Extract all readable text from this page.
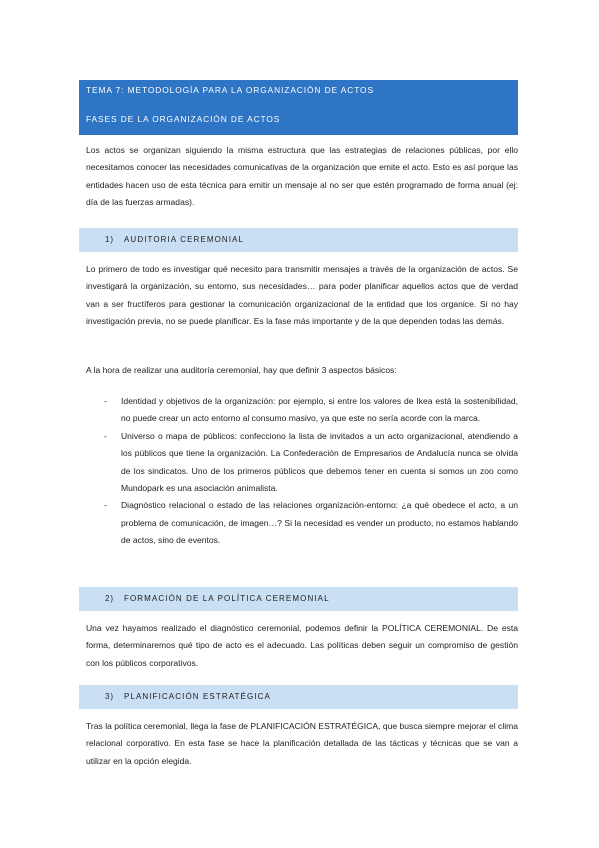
TEMA 7: METODOLOGÍA PARA LA ORGANIZACIÓN DE ACTOS
FASES DE LA ORGANIZACIÓN DE ACTOS

Los actos se organizan siguiendo la misma estructura que las estrategias de relaciones públicas, por ello necesitamos conocer las necesidades comunicativas de la organización que emite el acto. Esto es así porque las entidades hacen uso de esta técnica para emitir un mensaje al no ser que estén programado de forma anual (ej: día de las fuerzas armadas).

1) AUDITORIA CEREMONIAL

Lo primero de todo es investigar qué necesito para transmitir mensajes a través de la organización de actos. Se investigará la organización, su entorno, sus necesidades… para poder planificar aquellos actos que de verdad van a ser fructíferos para gestionar la comunicación organizacional de la entidad que los organice. Si no hay investigación previa, no se puede planificar. Es la fase más importante y de la que dependen todas las demás.

A la hora de realizar una auditoría ceremonial, hay que definir 3 aspectos básicos:

- Identidad y objetivos de la organización: por ejemplo, si entre los valores de Ikea está la sostenibilidad, no puede crear un acto entorno al consumo masivo, ya que este no sería acorde con la marca.
- Universo o mapa de públicos: confecciono la lista de invitados a un acto organizacional, atendiendo a los públicos que tiene la organización. La Confederación de Empresarios de Andalucía nunca se olvida de los sindicatos. Uno de los primeros públicos que debemos tener en cuenta si somos un zoo como Mundopark es una asociación animalista.
- Diagnóstico relacional o estado de las relaciones organización-entorno: ¿a qué obedece el acto, a un problema de comunicación, de imagen…? Si la necesidad es vender un producto, no estamos hablando de actos, sino de eventos.
2) FORMACIÓN DE LA POLÍTICA CEREMONIAL

Una vez hayamos realizado el diagnóstico ceremonial, podemos definir la POLÍTICA CEREMONIAL. De esta forma, determinaremos qué tipo de acto es el adecuado. Las políticas deben seguir un compromiso de gestión con los públicos corporativos.

3) PLANIFICACIÓN ESTRATÉGICA

Tras la política ceremonial, llega la fase de PLANIFICACIÓN ESTRATÉGICA, que busca siempre mejorar el clima relacional corporativo. En esta fase se hace la planificación detallada de las tácticas y técnicas que se van a utilizar en la opción elegida.
